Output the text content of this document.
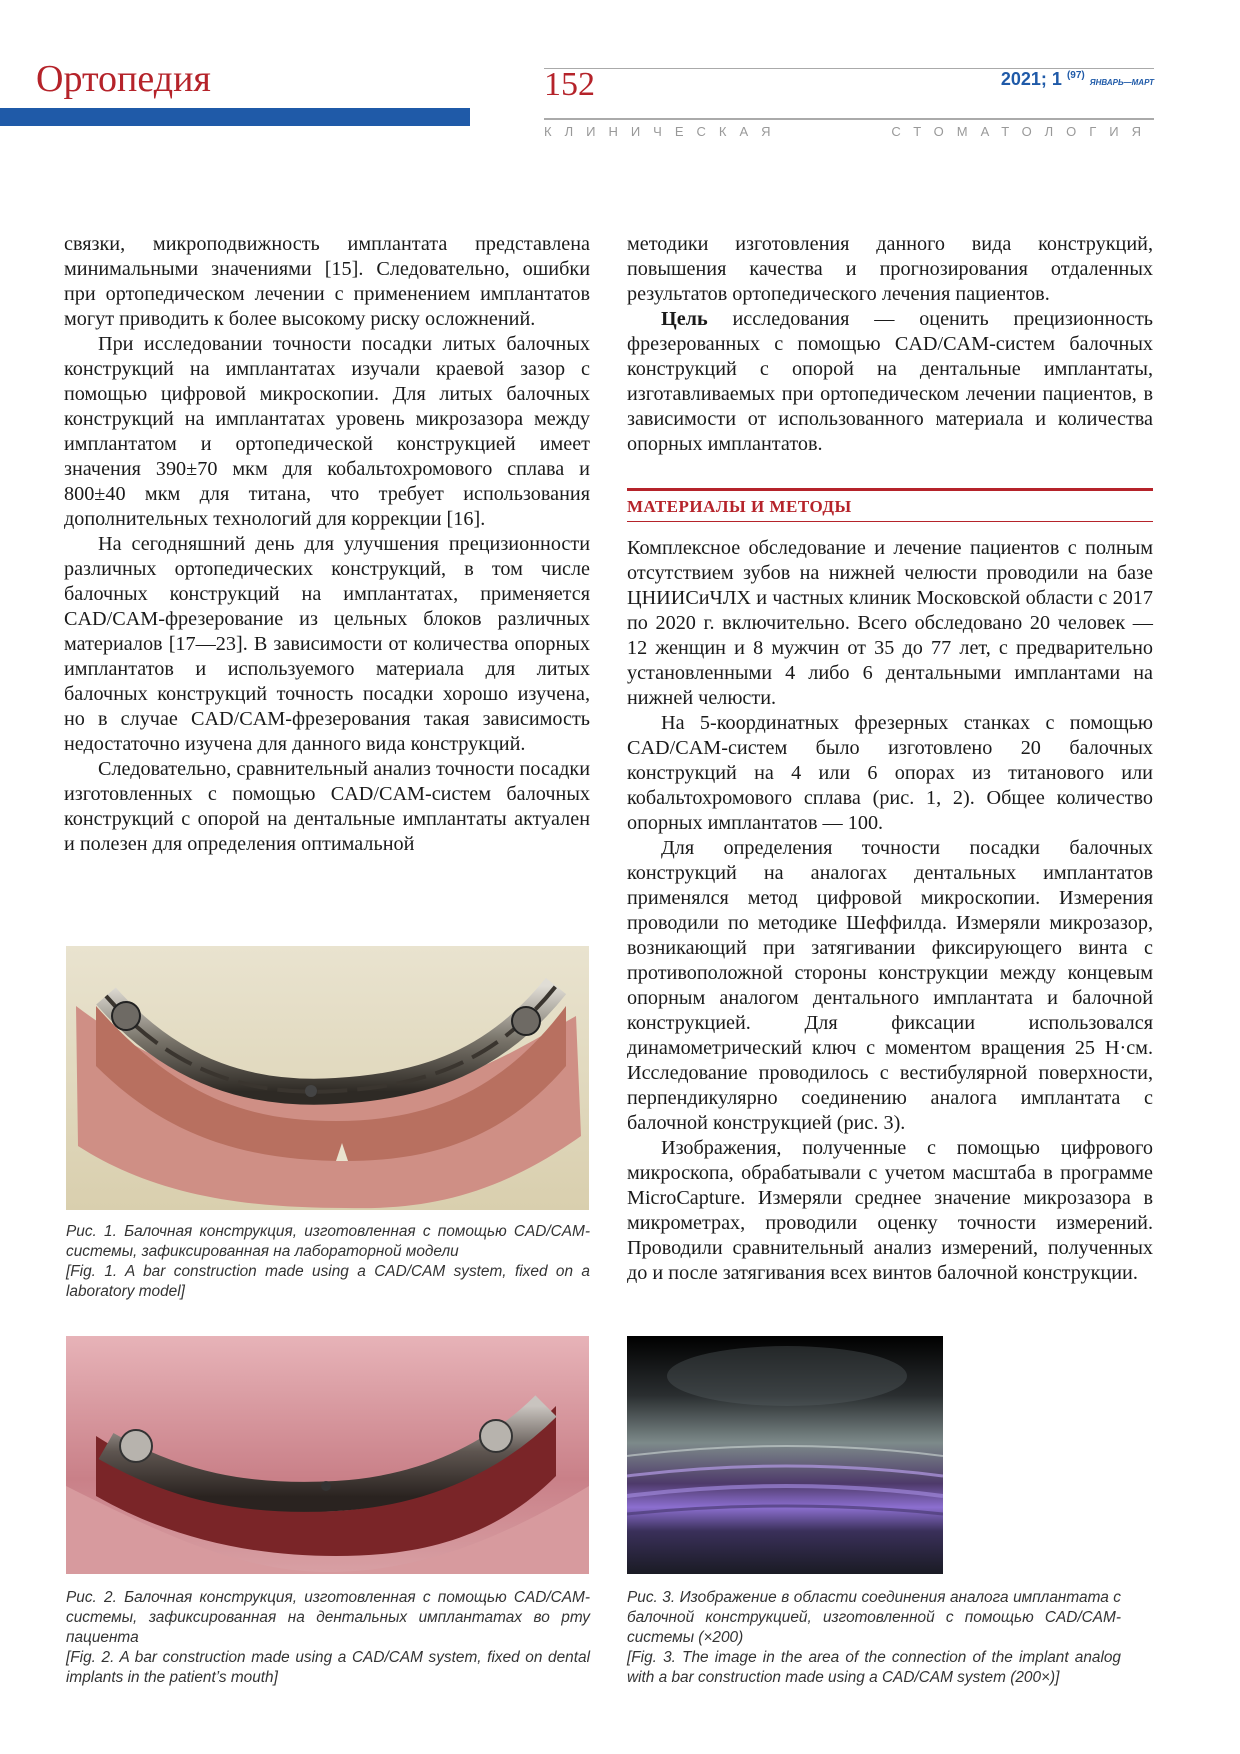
Ортопедия	152	2021; 1 $^{(97)}$ ЯНВАРЬ—МАРТ
КЛИНИЧЕСКАЯ	СТОМАТОЛОГИЯ

связки, микроподвижность имплантата представлена минимальными значениями [15]. Следовательно, ошибки при ортопедическом лечении с применением имплантатов могут приводить к более высокому риску осложнений.

При исследовании точности посадки литых балочных конструкций на имплантатах изучали краевой зазор с помощью цифровой микроскопии. Для литых балочных конструкций на имплантатах уровень микрозазора между имплантатом и ортопедической конструкцией имеет значения 390±70 мкм для кобальтохромового сплава и 800±40 мкм для титана, что требует использования дополнительных технологий для коррекции [16].

На сегодняшний день для улучшения прецизионности различных ортопедических конструкций, в том числе балочных конструкций на имплантатах, применяется CAD/CAM-фрезерование из цельных блоков различных материалов [17—23]. В зависимости от количества опорных имплантатов и используемого материала для литых балочных конструкций точность посадки хорошо изучена, но в случае CAD/CAM-фрезерования такая зависимость недостаточно изучена для данного вида конструкций.

Следовательно, сравнительный анализ точности посадки изготовленных с помощью CAD/CAM-систем балочных конструкций с опорой на дентальные имплантаты актуален и полезен для определения оптимальной

методики изготовления данного вида конструкций, повышения качества и прогнозирования отдаленных результатов ортопедического лечения пациентов.

Цель исследования — оценить прецизионность фрезерованных с помощью CAD/CAM-систем балочных конструкций с опорой на дентальные имплантаты, изготавливаемых при ортопедическом лечении пациентов, в зависимости от использованного материала и количества опорных имплантатов.

МАТЕРИАЛЫ И МЕТОДЫ

Комплексное обследование и лечение пациентов с полным отсутствием зубов на нижней челюсти проводили на базе ЦНИИСиЧЛХ и частных клиник Московской области с 2017 по 2020 г. включительно. Всего обследовано 20 человек — 12 женщин и 8 мужчин от 35 до 77 лет, с предварительно установленными 4 либо 6 дентальными имплантами на нижней челюсти.

На 5-координатных фрезерных станках с помощью CAD/CAM-систем было изготовлено 20 балочных конструкций на 4 или 6 опорах из титанового или кобальтохромового сплава (рис. 1, 2). Общее количество опорных имплантатов — 100.

Для определения точности посадки балочных конструкций на аналогах дентальных имплантатов применялся метод цифровой микроскопии. Измерения проводили по методике Шеффилда. Измеряли микрозазор, возникающий при затягивании фиксирующего винта с противоположной стороны конструкции между концевым опорным аналогом дентального имплантата и балочной конструкцией. Для фиксации использовался динамометрический ключ с моментом вращения 25 Н·см. Исследование проводилось с вестибулярной поверхности, перпендикулярно соединению аналога имплантата с балочной конструкцией (рис. 3).

Изображения, полученные с помощью цифрового микроскопа, обрабатывали с учетом масштаба в программе MicroCapture. Измеряли среднее значение микрозазора в микрометрах, проводили оценку точности измерений. Проводили сравнительный анализ измерений, полученных до и после затягивания всех винтов балочной конструкции.

Рис. 1. Балочная конструкция, изготовленная с помощью CAD/CAM-системы, зафиксированная на лабораторной модели

[Fig. 1. A bar construction made using a CAD/CAM system, fixed on a laboratory model]

Рис. 2. Балочная конструкция, изготовленная с помощью CAD/CAM-системы, зафиксированная на дентальных имплантатах во рту пациента

[Fig. 2. A bar construction made using a CAD/CAM system, fixed on dental implants in the patient’s mouth]

Рис. 3. Изображение в области соединения аналога имплантата с балочной конструкцией, изготовленной с помощью CAD/CAM-системы (×200)

[Fig. 3. The image in the area of the connection of the implant analog with a bar construction made using a CAD/CAM system (200×)]
